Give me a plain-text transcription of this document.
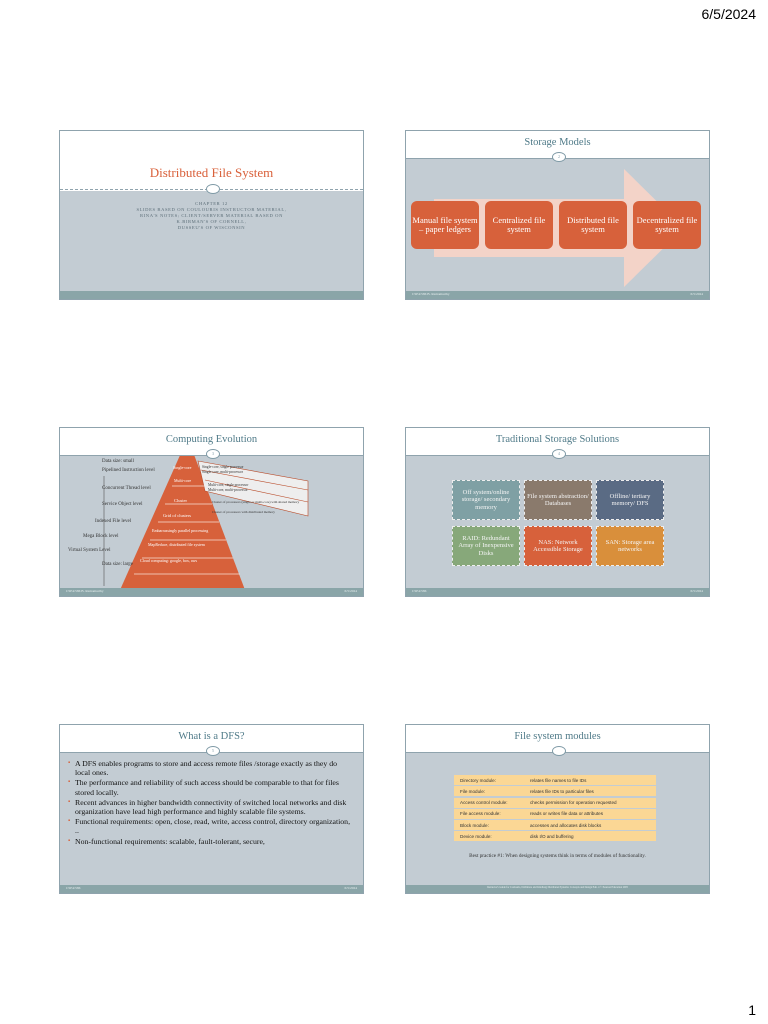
6/5/2024
Distributed File System
CHAPTER 12
SLIDES BASED ON COULOURIS INSTRUCTOR MATERIAL,
RINA'S NOTES; CLIENT/SERVER MATERIAL BASED ON
K.BIRMAN'S OF CORNELL,
DUSSEU'S OF WISCONSIN
Storage Models
2
Manual file system – paper ledgers
Centralized file system
Distributed file system
Decentralized file system
CSE4/586 B. Ramamurthy	6/5/2024
Computing Evolution
3
Data size: small
Pipelined Instruction level
Concurrent Thread level
Service Object level
Indexed File level
Mega Block level
Virtual System Level
Data size: large
Single-core
Multi-core
Cluster
Grid of clusters
Embarrassingly parallel processing
MapReduce, distributed file system
Cloud computing: google, box, aws
Single-core, single processor
Single-core, multi-processor
Multi-core, single processor
Multi-core, multi-processor
Cluster of processors (single or multi-core) with shared memory
Cluster of processors with distributed memory
CSE4/586 B. Ramamurthy	6/5/2024
Traditional Storage Solutions
4
Off system/online storage/ secondary memory
File system abstraction/ Databases
Offline/ tertiary memory/ DFS
RAID: Redundant Array of Inexpensive Disks
NAS: Network Accessible Storage
SAN: Storage area networks
CSE4/586	6/5/2024
What is a DFS?
5
▪ A DFS enables programs to store and access remote files /storage exactly as they do local ones.
▪ The performance and reliability of such access should be comparable to that for files stored locally.
▪ Recent advances in higher bandwidth connectivity of switched local networks and disk organization have lead high performance and highly scalable file systems.
▪ Functional requirements: open, close, read, write, access control, directory organization, ..
▪ Non-functional requirements: scalable, fault-tolerant, secure,
CSE4/586	6/5/2024
File system modules
Directory module:	relates file names to file IDs
File module:	relates file IDs to particular files
Access control module:	checks permission for operation requested
File access module:	reads or writes file data or attributes
Block module:	accesses and allocates disk blocks
Device module:	disk I/O and buffering
Best practice #1: When designing systems think in terms of modules of functionality.
Instructor's Guide for Coulouris, Dollimore and Kindberg Distributed Systems: Concepts and Design Edn. 4 © Pearson Education 2005
1
